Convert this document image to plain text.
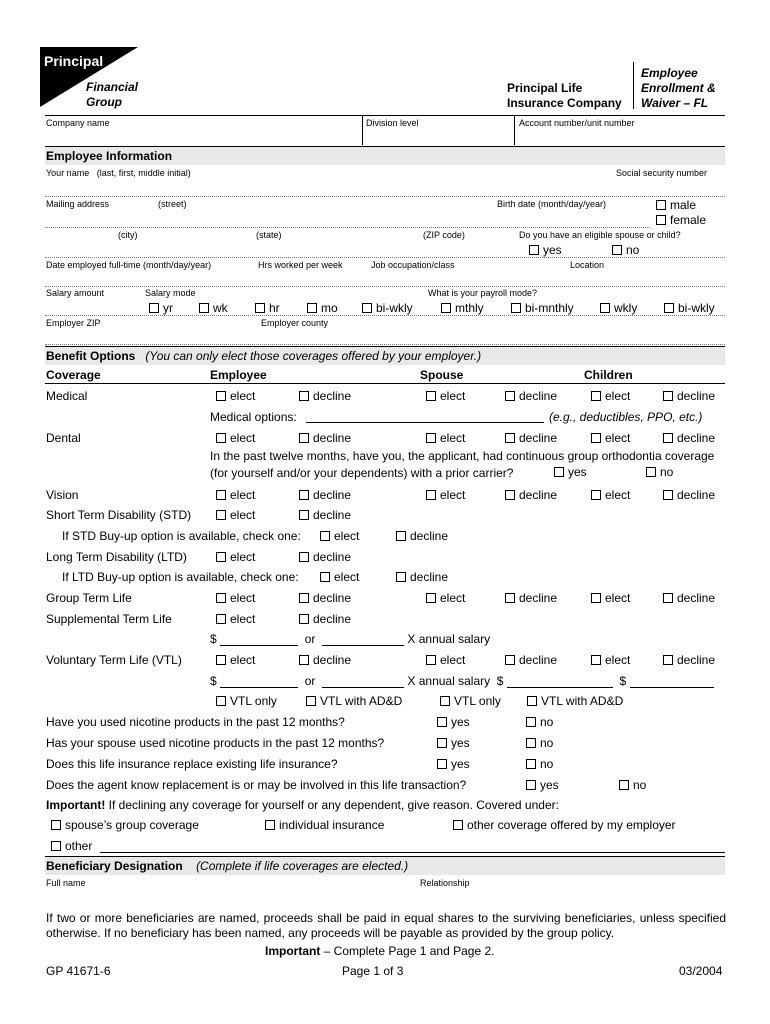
Principal
Financial
Group
Principal Life
Insurance Company
Employee
Enrollment &
Waiver – FL
Company name	Division level	Account number/unit number
Employee Information
Your name (last, first, middle initial)	Social security number
Mailing address	(street)	Birth date (month/day/year)	male
female
(city)	(state)	(ZIP code)	Do you have an eligible spouse or child?
yes	no
Date employed full-time (month/day/year)	Hrs worked per week	Job occupation/class	Location
Salary amount	Salary mode	What is your payroll mode?
yr	wk	hr	mo	bi-wkly	mthly	bi-mnthly	wkly	bi-wkly
Employer ZIP	Employer county
Benefit Options (You can only elect those coverages offered by your employer.)
Coverage	Employee	Spouse	Children
Medical	elect	decline	elect	decline	elect	decline
Medical options:	(e.g., deductibles, PPO, etc.)
Dental	elect	decline	elect	decline	elect	decline
In the past twelve months, have you, the applicant, had continuous group orthodontia coverage
(for yourself and/or your dependents) with a prior carrier?	yes	no
Vision	elect	decline	elect	decline	elect	decline
Short Term Disability (STD)	elect	decline
If STD Buy-up option is available, check one:	elect	decline
Long Term Disability (LTD)	elect	decline
If LTD Buy-up option is available, check one:	elect	decline
Group Term Life	elect	decline	elect	decline	elect	decline
Supplemental Term Life	elect	decline
$	or	X annual salary
Voluntary Term Life (VTL)	elect	decline	elect	decline	elect	decline
$	or	X annual salary $	$
VTL only	VTL with AD&D	VTL only	VTL with AD&D
Have you used nicotine products in the past 12 months?	yes	no
Has your spouse used nicotine products in the past 12 months?	yes	no
Does this life insurance replace existing life insurance?	yes	no
Does the agent know replacement is or may be involved in this life transaction?	yes	no
Important! If declining any coverage for yourself or any dependent, give reason. Covered under:
spouse’s group coverage	individual insurance	other coverage offered by my employer
other
Beneficiary Designation (Complete if life coverages are elected.)
Full name	Relationship
If two or more beneficiaries are named, proceeds shall be paid in equal shares to the surviving beneficiaries, unless specified otherwise. If no beneficiary has been named, any proceeds will be payable as provided by the group policy.
Important – Complete Page 1 and Page 2.
GP 41671-6	Page 1 of 3	03/2004
